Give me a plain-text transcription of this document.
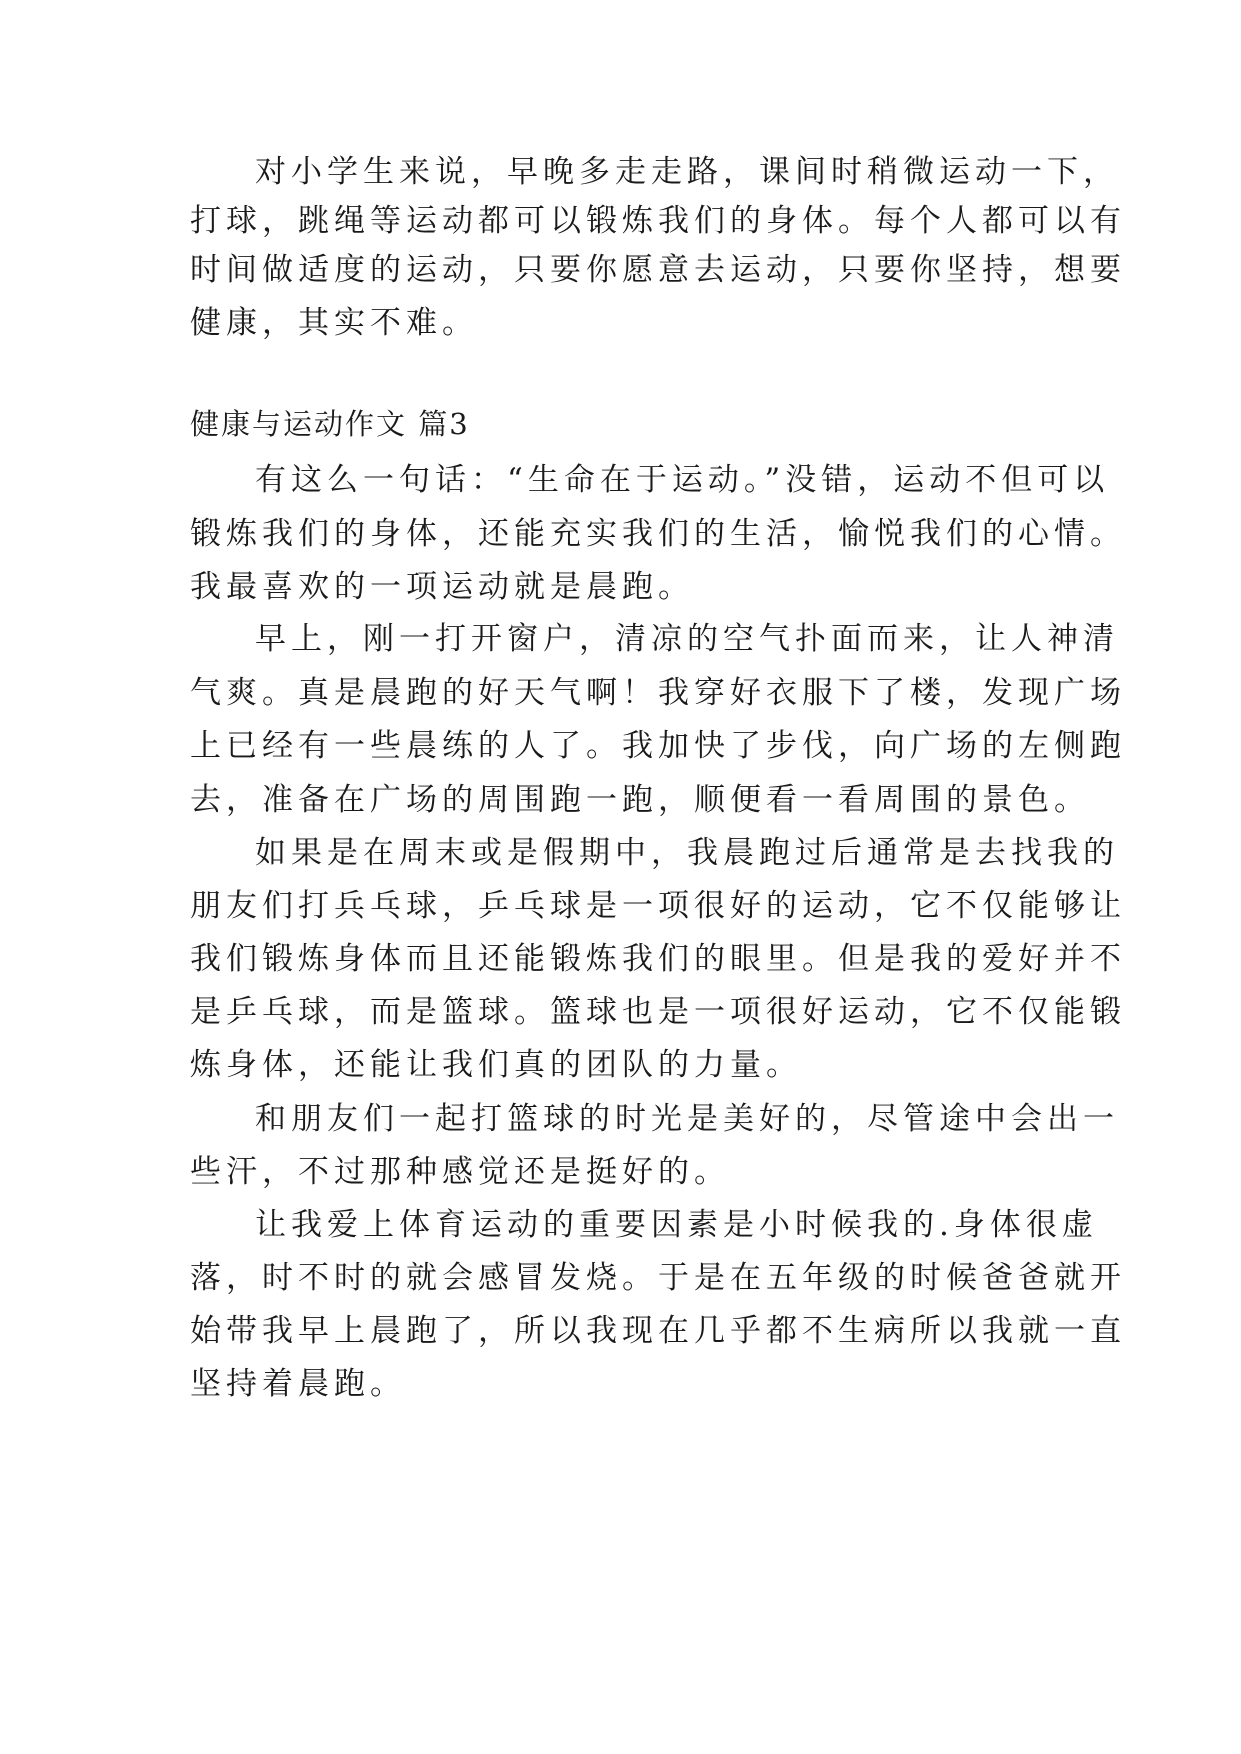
对小学生来说，早晚多走走路，课间时稍微运动一下，
打球，跳绳等运动都可以锻炼我们的身体。每个人都可以有
时间做适度的运动，只要你愿意去运动，只要你坚持，想要
健康，其实不难。
健康与运动作文 篇3
有这么一句话：“生命在于运动。”没错，运动不但可以
锻炼我们的身体，还能充实我们的生活，愉悦我们的心情。
我最喜欢的一项运动就是晨跑。
早上，刚一打开窗户，清凉的空气扑面而来，让人神清
气爽。真是晨跑的好天气啊！我穿好衣服下了楼，发现广场
上已经有一些晨练的人了。我加快了步伐，向广场的左侧跑
去，准备在广场的周围跑一跑，顺便看一看周围的景色。
如果是在周末或是假期中，我晨跑过后通常是去找我的
朋友们打兵乓球，乒乓球是一项很好的运动，它不仅能够让
我们锻炼身体而且还能锻炼我们的眼里。但是我的爱好并不
是乒乓球，而是篮球。篮球也是一项很好运动，它不仅能锻
炼身体，还能让我们真的团队的力量。
和朋友们一起打篮球的时光是美好的，尽管途中会出一
些汗，不过那种感觉还是挺好的。
让我爱上体育运动的重要因素是小时候我的.身体很虚
落，时不时的就会感冒发烧。于是在五年级的时候爸爸就开
始带我早上晨跑了，所以我现在几乎都不生病所以我就一直
坚持着晨跑。
